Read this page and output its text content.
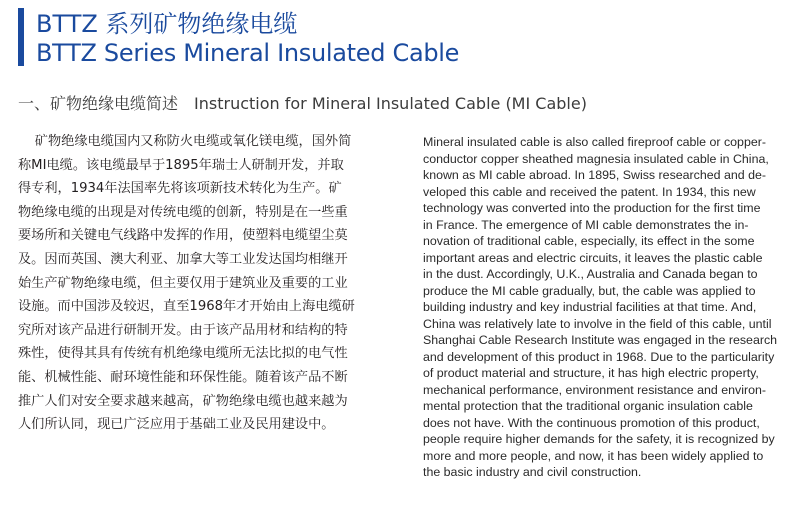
BTTZ 系列矿物绝缘电缆
BTTZ Series Mineral Insulated Cable
一、矿物绝缘电缆简述 Instruction for Mineral Insulated Cable (MI Cable)
矿物绝缘电缆国内又称防火电缆或氧化镁电缆，国外简
称MI电缆。该电缆最早于1895年瑞士人研制开发，并取
得专利，1934年法国率先将该项新技术转化为生产。矿
物绝缘电缆的出现是对传统电缆的创新，特别是在一些重
要场所和关键电气线路中发挥的作用，使塑料电缆望尘莫
及。因而英国、澳大利亚、加拿大等工业发达国均相继开
始生产矿物绝缘电缆，但主要仅用于建筑业及重要的工业
设施。而中国涉及较迟，直至1968年才开始由上海电缆研
究所对该产品进行研制开发。由于该产品用材和结构的特
殊性，使得其具有传统有机绝缘电缆所无法比拟的电气性
能、机械性能、耐环境性能和环保性能。随着该产品不断
推广人们对安全要求越来越高，矿物绝缘电缆也越来越为
人们所认同，现已广泛应用于基础工业及民用建设中。
Mineral insulated cable is also called fireproof cable or copper-
conductor copper sheathed magnesia insulated cable in China,
known as MI cable abroad. In 1895, Swiss researched and de-
veloped this cable and received the patent. In 1934, this new
technology was converted into the production for the first time
in France. The emergence of MI cable demonstrates the in-
novation of traditional cable, especially, its effect in the some
important areas and electric circuits, it leaves the plastic cable
in the dust. Accordingly, U.K., Australia and Canada began to
produce the MI cable gradually, but, the cable was applied to
building industry and key industrial facilities at that time. And,
China was relatively late to involve in the field of this cable, until
Shanghai Cable Research Institute was engaged in the research
and development of this product in 1968. Due to the particularity
of product material and structure, it has high electric property,
mechanical performance, environment resistance and environ-
mental protection that the traditional organic insulation cable
does not have. With the continuous promotion of this product,
people require higher demands for the safety, it is recognized by
more and more people, and now, it has been widely applied to
the basic industry and civil construction.
